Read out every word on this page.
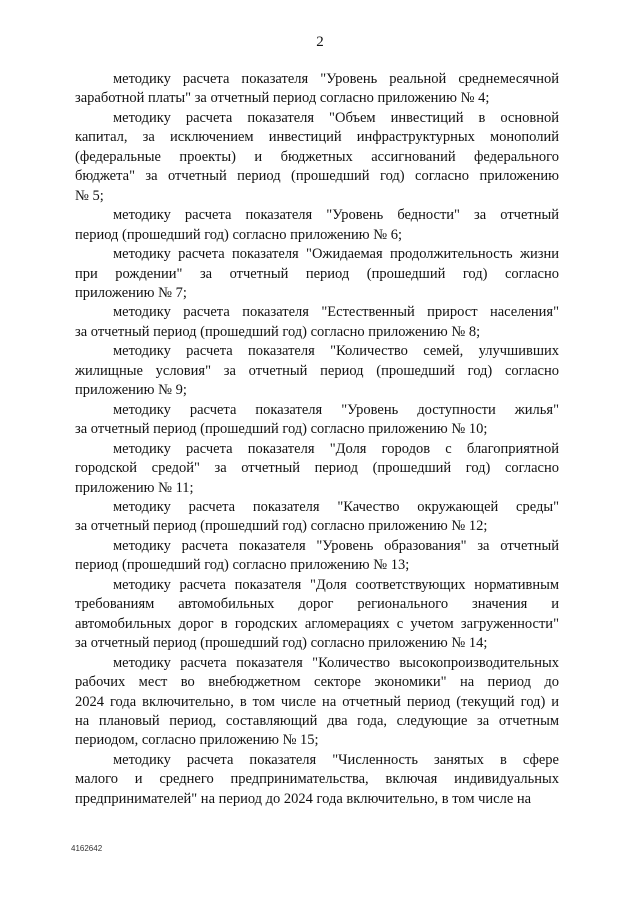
2
методику расчета показателя "Уровень реальной среднемесячной
заработной платы" за отчетный период согласно приложению № 4;
методику расчета показателя "Объем инвестиций в основной
капитал, за исключением инвестиций инфраструктурных монополий
(федеральные проекты) и бюджетных ассигнований федерального
бюджета" за отчетный период (прошедший год) согласно приложению
№ 5;
методику расчета показателя "Уровень бедности" за отчетный
период (прошедший год) согласно приложению № 6;
методику расчета показателя "Ожидаемая продолжительность жизни
при рождении" за отчетный период (прошедший год) согласно
приложению № 7;
методику расчета показателя "Естественный прирост населения"
за отчетный период (прошедший год) согласно приложению № 8;
методику расчета показателя "Количество семей, улучшивших
жилищные условия" за отчетный период (прошедший год) согласно
приложению № 9;
методику расчета показателя "Уровень доступности жилья"
за отчетный период (прошедший год) согласно приложению № 10;
методику расчета показателя "Доля городов с благоприятной
городской средой" за отчетный период (прошедший год) согласно
приложению № 11;
методику расчета показателя "Качество окружающей среды"
за отчетный период (прошедший год) согласно приложению № 12;
методику расчета показателя "Уровень образования" за отчетный
период (прошедший год) согласно приложению № 13;
методику расчета показателя "Доля соответствующих нормативным
требованиям автомобильных дорог регионального значения и
автомобильных дорог в городских агломерациях с учетом загруженности"
за отчетный период (прошедший год) согласно приложению № 14;
методику расчета показателя "Количество высокопроизводительных
рабочих мест во внебюджетном секторе экономики" на период до
2024 года включительно, в том числе на отчетный период (текущий год) и
на плановый период, составляющий два года, следующие за отчетным
периодом, согласно приложению № 15;
методику расчета показателя "Численность занятых в сфере
малого и среднего предпринимательства, включая индивидуальных
предпринимателей" на период до 2024 года включительно, в том числе на
4162642
